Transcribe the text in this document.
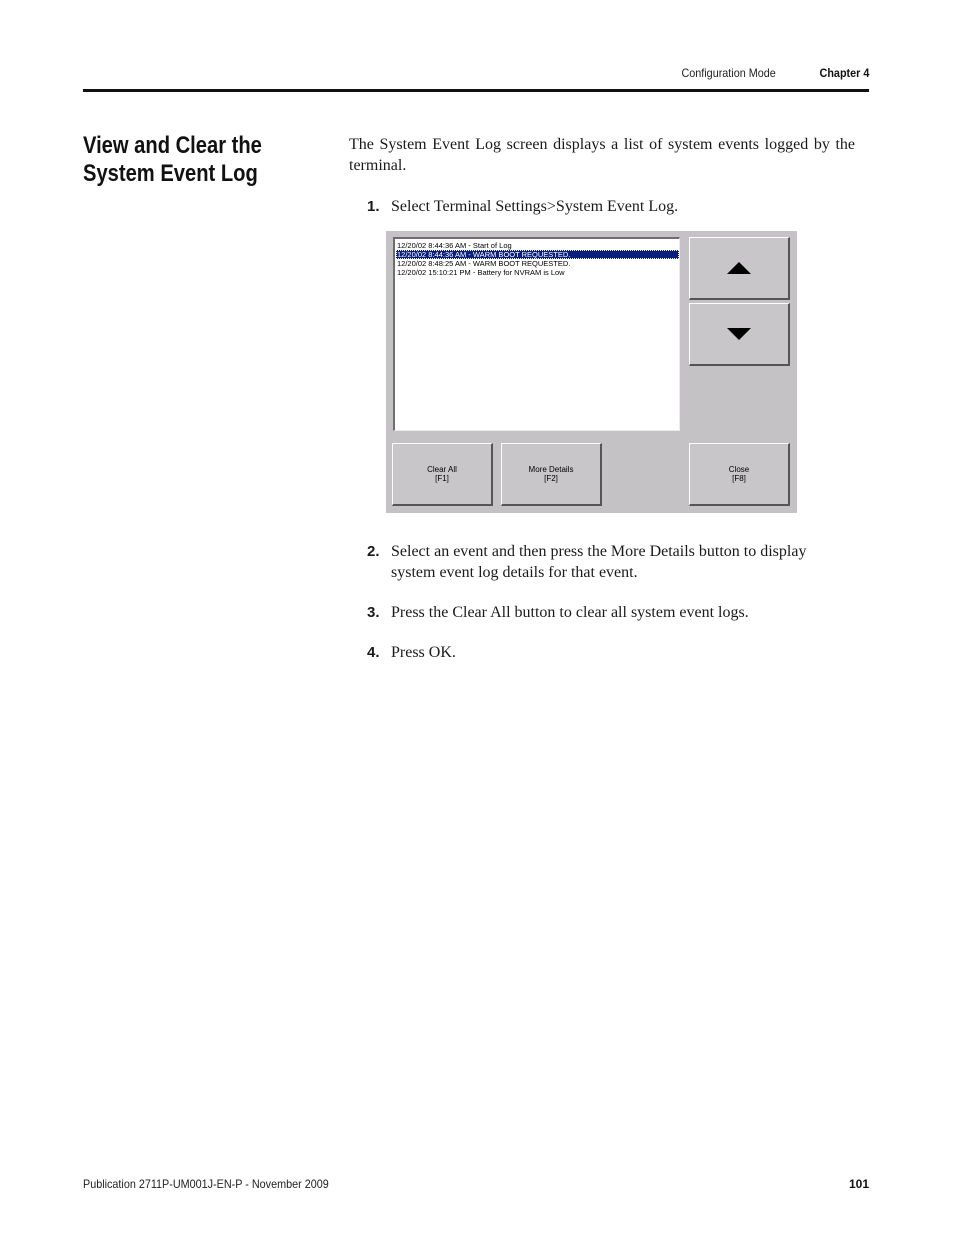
Configuration Mode	Chapter 4
View and Clear the System Event Log

The System Event Log screen displays a list of system events logged by the terminal.

1. Select Terminal Settings>System Event Log.
12/20/02 8:44:36 AM - Start of Log
12/20/02 8:44:36 AM - WARM BOOT REQUESTED.
12/20/02 8:48:25 AM - WARM BOOT REQUESTED.
12/20/02 15:10:21 PM - Battery for NVRAM is Low
Clear All
[F1]
More Details
[F2]
Close
[F8]
2. Select an event and then press the More Details button to display system event log details for that event.
3. Press the Clear All button to clear all system event logs.
4. Press OK.
Publication 2711P-UM001J-EN-P - November 2009	101
